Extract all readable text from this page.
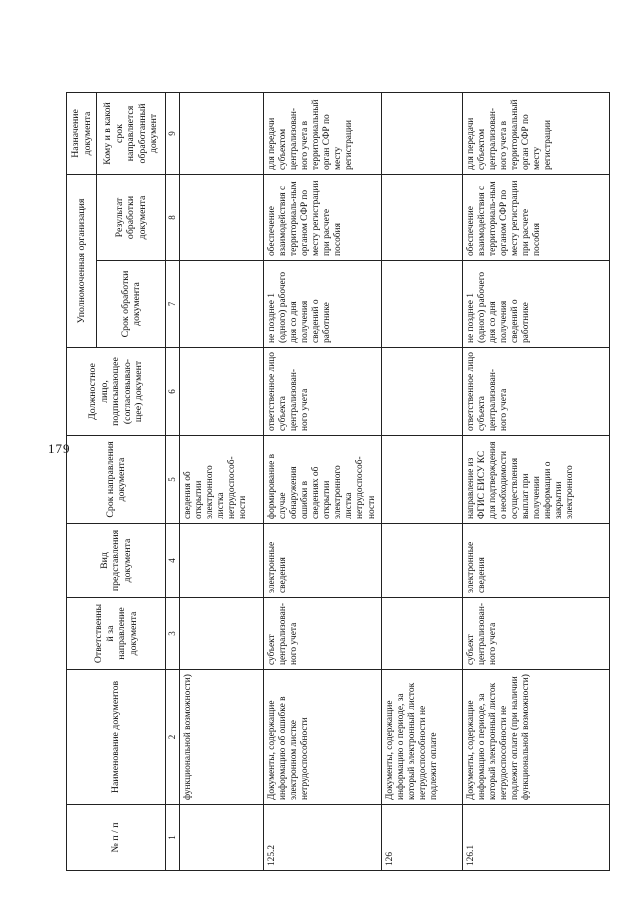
179
№ п / п	Наименование документов	Ответственный за направление документа	Вид представления документа	Срок направления документа	Должностное лицо, подписывающее (согласовываю-щее) документ	Уполномоченная организация		Назначение документа
						Срок обработки документа	Результат обработки документа	Кому и в какой срок направляется обработанный документ
1	2	3	4	5	6	7	8	9
	функциональной возможности)			сведения об открытии электронного листка нетрудоспособ-ности				
125.2	Документы, содержащие информацию об ошибке в электронном листке нетрудоспособности	субъект централизован-ного учета	электронные сведения	формирование в случае обнаружения ошибки в сведениях об открытии электронного листка нетрудоспособ-ности	ответственное лицо субъекта централизован-ного учета	не позднее 1 (одного) рабочего дня со дня получения сведений о работнике	обеспечение взаимодействия с территориаль-ным органом СФР по месту регистрации при расчете пособия	для передачи субъектом централизован-ного учета в территориальный орган СФР по месту регистрации
126	Документы, содержащие информацию о периоде, за который электронный листок нетрудоспособности не подлежит оплате							
126.1	Документы, содержащие информацию о периоде, за который электронный листок нетрудоспособности не подлежит оплате (при наличии функциональной возможности)	субъект централизован-ного учета	электронные сведения	направление из ФГИС ЕИСУ КС для подтверждения о необходимости осуществления выплат при получении информации о закрытии электронного	ответственное лицо субъекта централизован-ного учета	не позднее 1 (одного) рабочего дня со дня получения сведений о работнике	обеспечение взаимодействия с территориаль-ным органом СФР по месту регистрации при расчете пособия	для передачи субъектом централизован-ного учета в территориальный орган СФР по месту регистрации
